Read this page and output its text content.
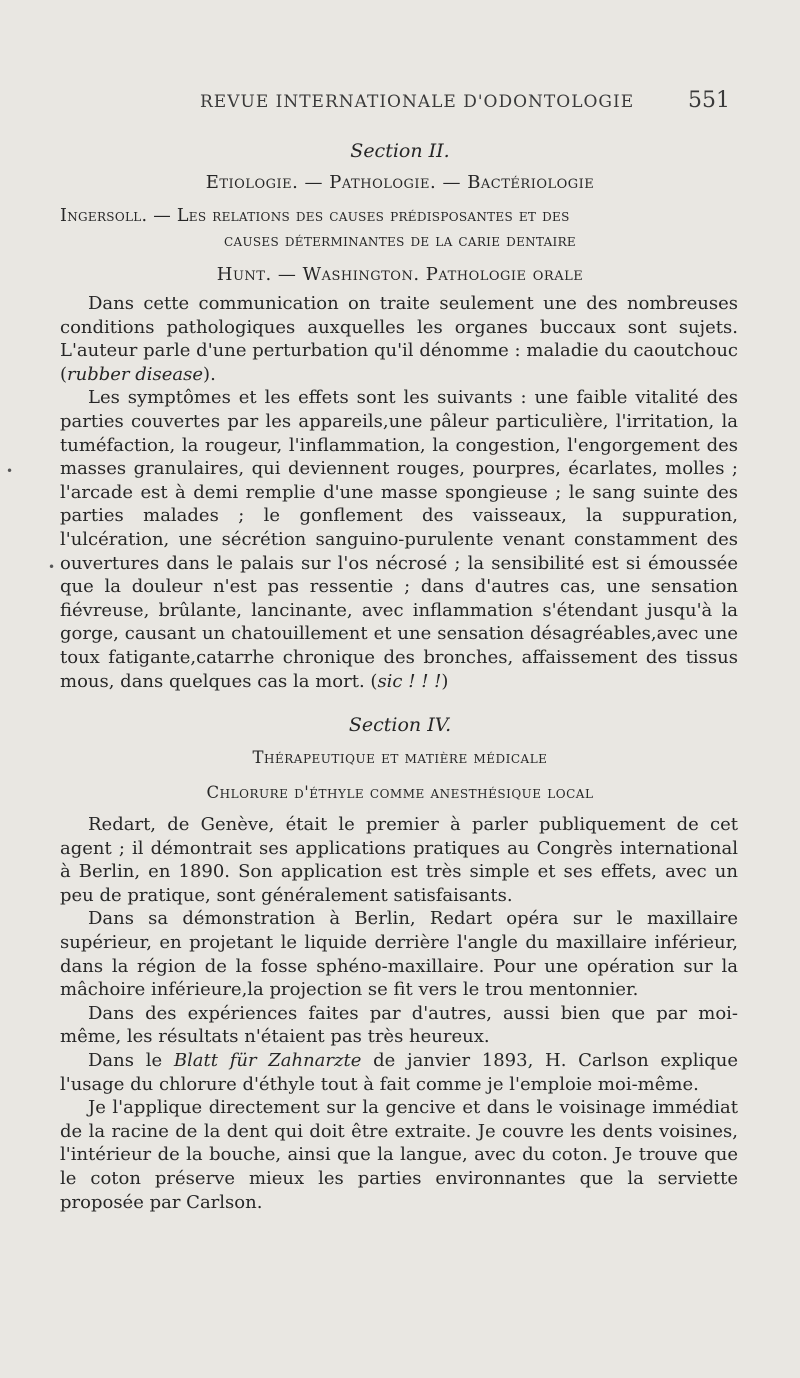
REVUE INTERNATIONALE D'ODONTOLOGIE 551
Section II.
Etiologie. — Pathologie. — Bactériologie
Ingersoll. — Les relations des causes prédisposantes et des
causes déterminantes de la carie dentaire
Hunt. — Washington. Pathologie orale

Dans cette communication on traite seulement une des nombreuses conditions pathologiques auxquelles les organes buccaux sont sujets. L'auteur parle d'une perturbation qu'il dénomme : maladie du caoutchouc (rubber disease).

Les symptômes et les effets sont les suivants : une faible vitalité des parties couvertes par les appareils,une pâleur particulière, l'irritation, la tuméfaction, la rougeur, l'inflammation, la congestion, l'engorgement des masses granulaires, qui deviennent rouges, pourpres, écarlates, molles ; l'arcade est à demi remplie d'une masse spongieuse ; le sang suinte des parties malades ; le gonflement des vaisseaux, la suppuration, l'ulcération, une sécrétion sanguino-purulente venant constamment des ouvertures dans le palais sur l'os nécrosé ; la sensibilité est si émoussée que la douleur n'est pas ressentie ; dans d'autres cas, une sensation fiévreuse, brûlante, lancinante, avec inflammation s'étendant jusqu'à la gorge, causant un chatouillement et une sensation désagréables,avec une toux fatigante,catarrhe chronique des bronches, affaissement des tissus mous, dans quelques cas la mort. (sic ! ! !)

Section IV.
Thérapeutique et matière médicale
Chlorure d'éthyle comme anesthésique local

Redart, de Genève, était le premier à parler publiquement de cet agent ; il démontrait ses applications pratiques au Congrès international à Berlin, en 1890. Son application est très simple et ses effets, avec un peu de pratique, sont généralement satisfaisants.

Dans sa démonstration à Berlin, Redart opéra sur le maxillaire supérieur, en projetant le liquide derrière l'angle du maxillaire inférieur, dans la région de la fosse sphéno-maxillaire. Pour une opération sur la mâchoire inférieure,la projection se fit vers le trou mentonnier.

Dans des expériences faites par d'autres, aussi bien que par moi-même, les résultats n'étaient pas très heureux.

Dans le Blatt für Zahnarzte de janvier 1893, H. Carlson explique l'usage du chlorure d'éthyle tout à fait comme je l'emploie moi-même.

Je l'applique directement sur la gencive et dans le voisinage immédiat de la racine de la dent qui doit être extraite. Je couvre les dents voisines, l'intérieur de la bouche, ainsi que la langue, avec du coton. Je trouve que le coton préserve mieux les parties environnantes que la serviette proposée par Carlson.

•
•
